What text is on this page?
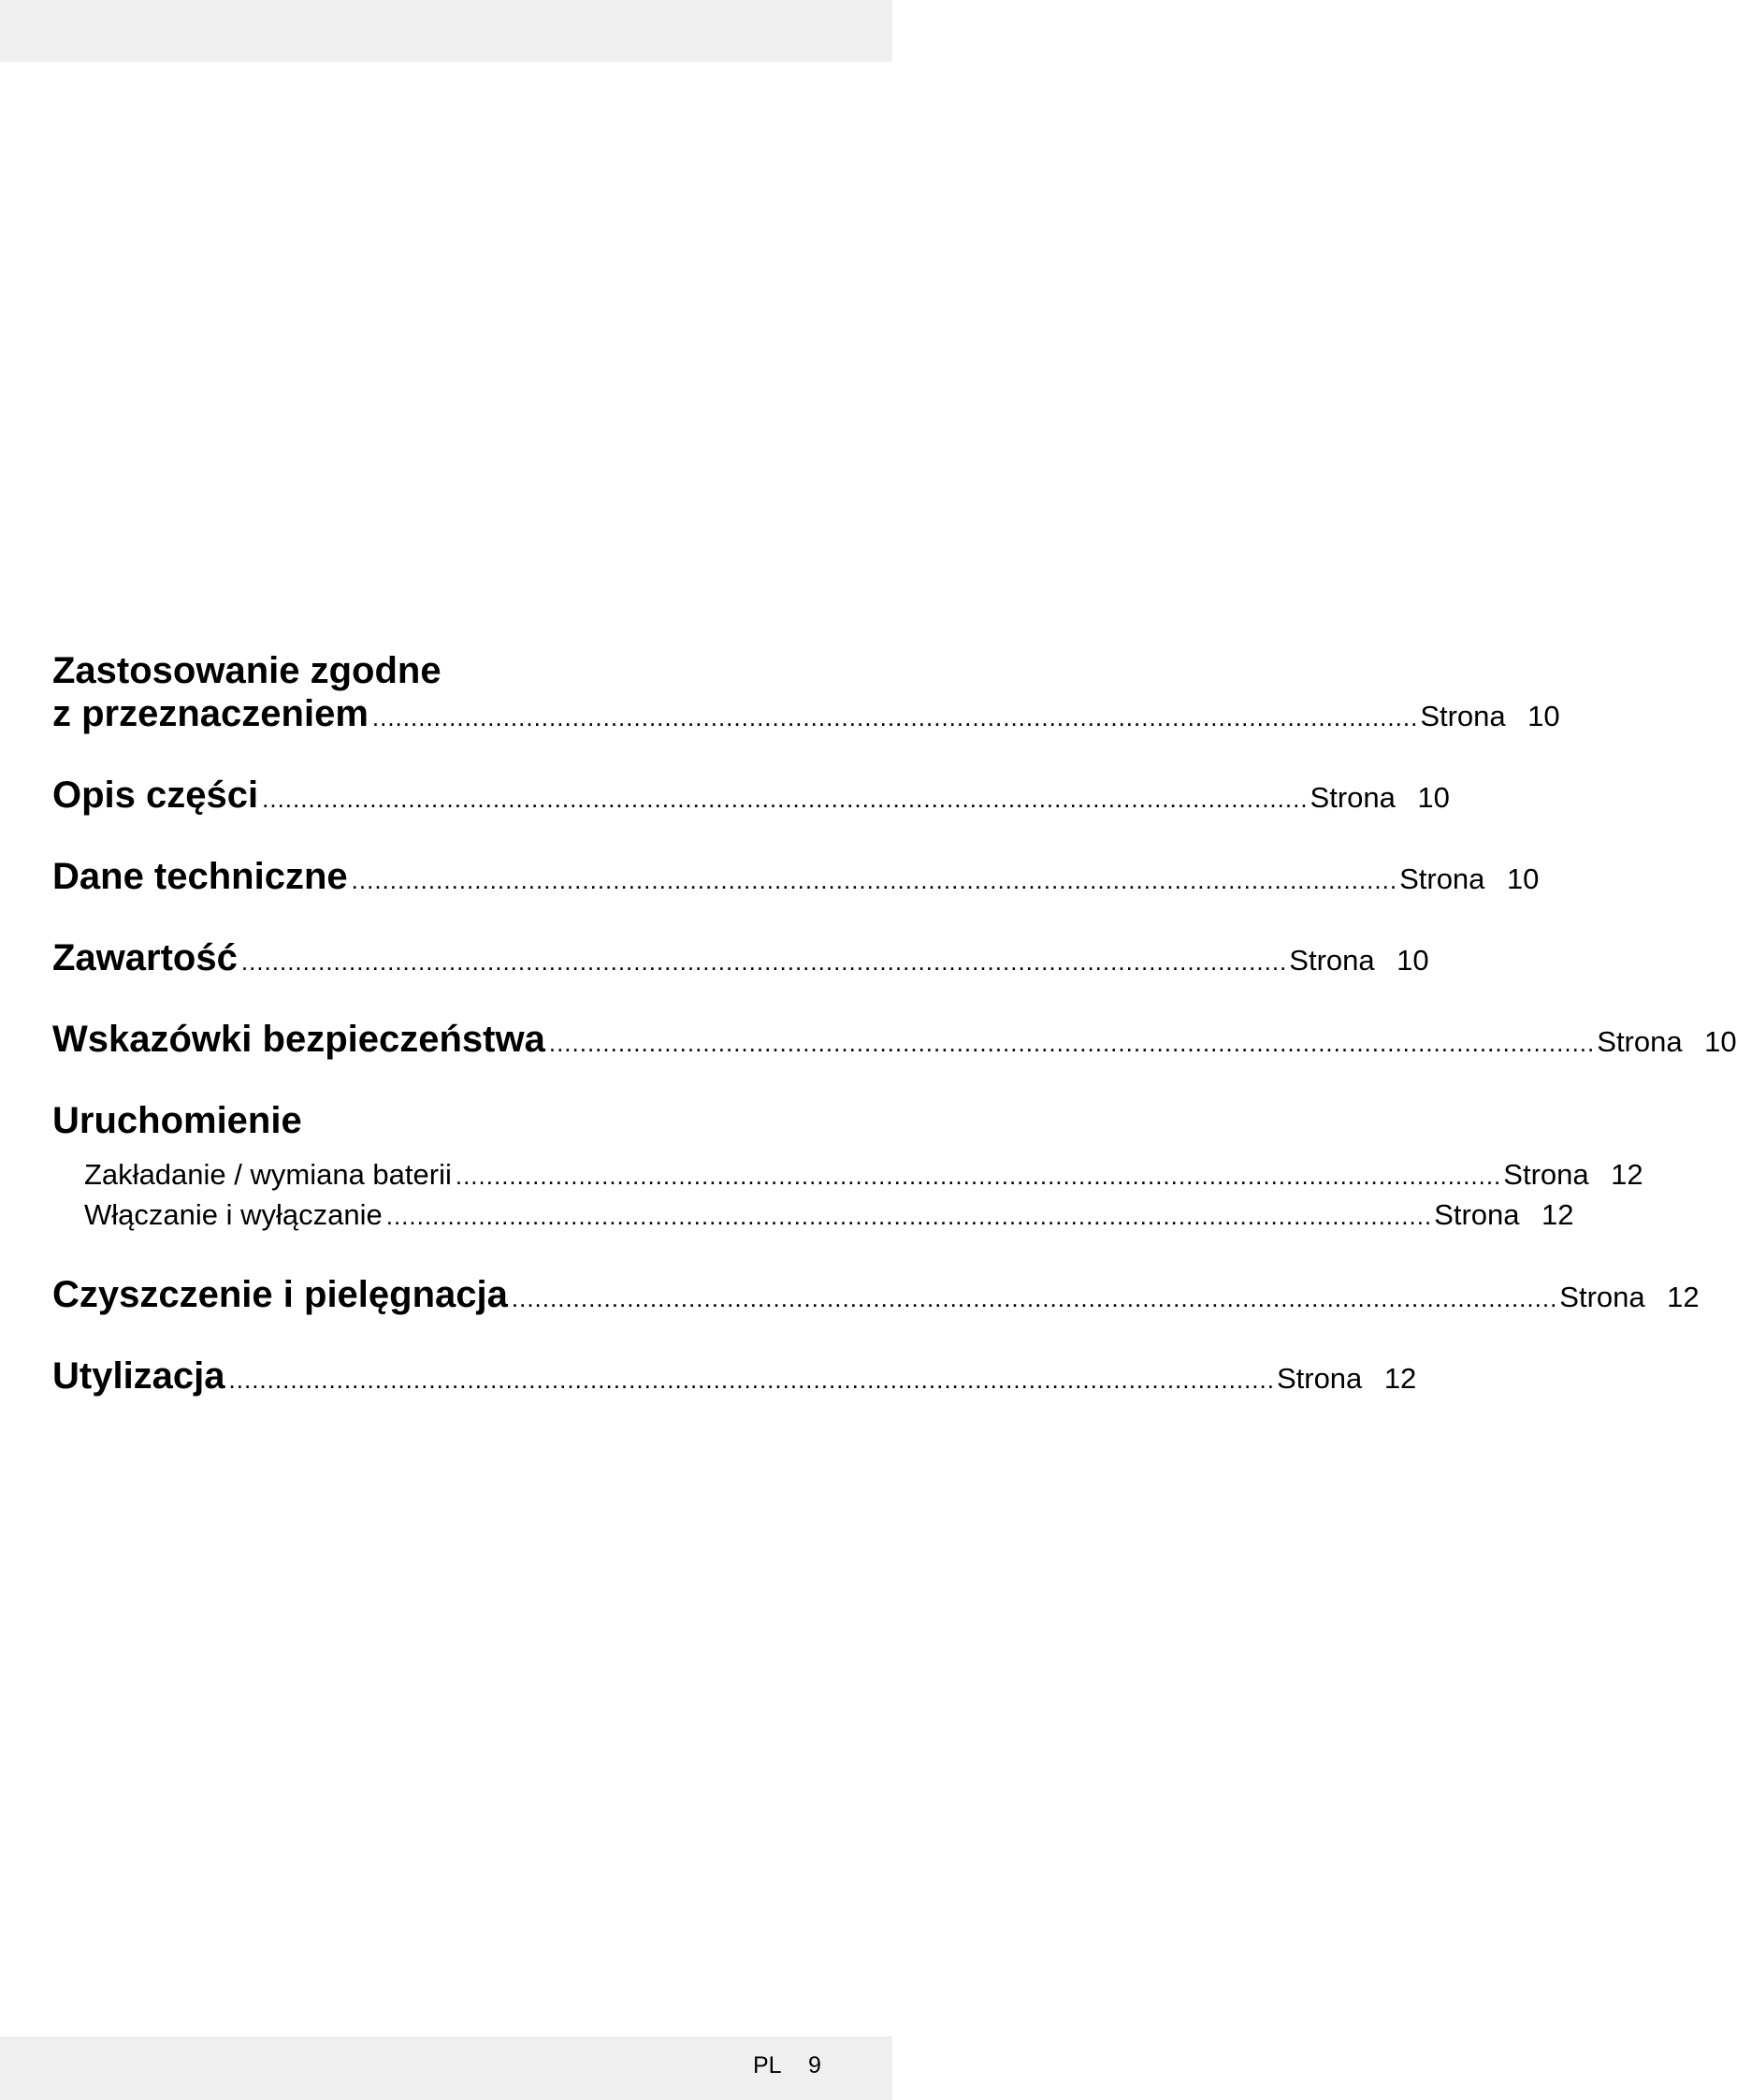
Zastosowanie zgodne
z przeznaczeniem ........................................................................................................................................ Strona 10
Opis części ........................................................................................................................................ Strona 10
Dane techniczne ........................................................................................................................................ Strona 10
Zawartość ........................................................................................................................................ Strona 10
Wskazówki bezpieczeństwa ........................................................................................................................................ Strona 10
Uruchomienie
Zakładanie / wymiana baterii ........................................................................................................................................ Strona 12
Włączanie i wyłączanie ........................................................................................................................................ Strona 12
Czyszczenie i pielęgnacja ........................................................................................................................................ Strona 12
Utylizacja ........................................................................................................................................ Strona 12
PL 9
